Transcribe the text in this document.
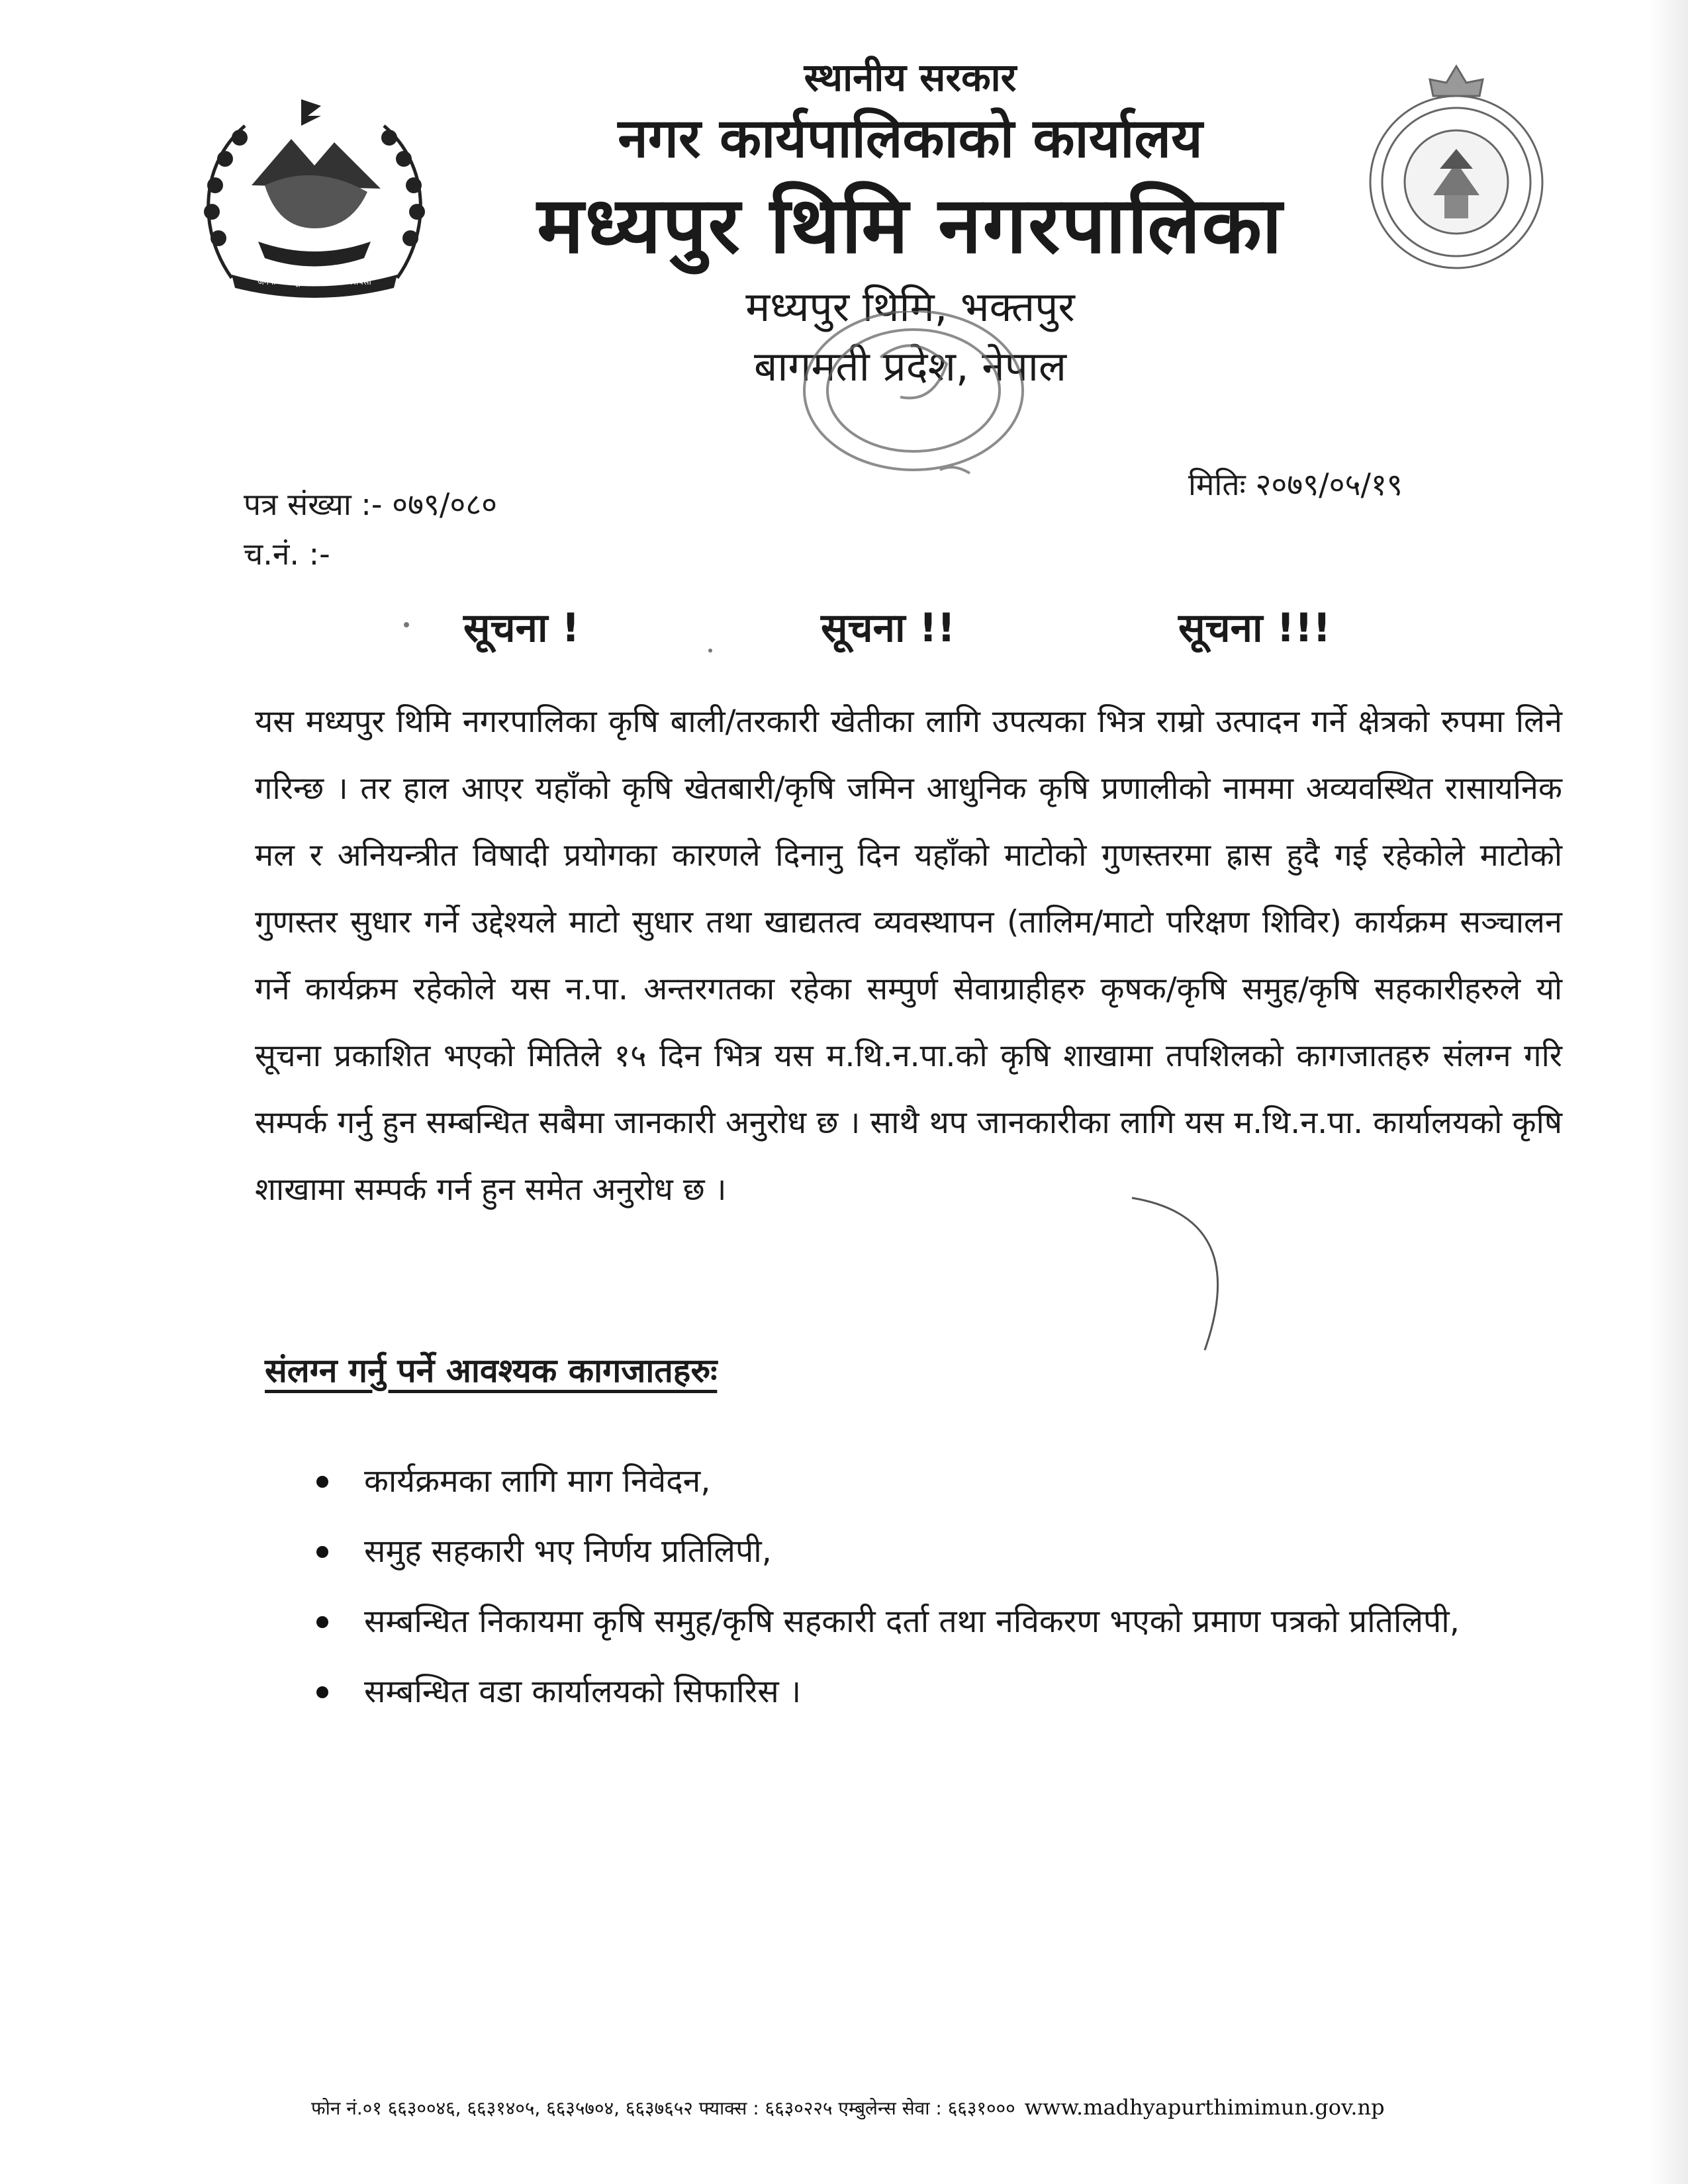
जननी जन्मभूमिश्च स्वर्गादपि गरीयसी
स्थानीय सरकार
नगर कार्यपालिकाको कार्यालय
मध्यपुर थिमि नगरपालिका
मध्यपुर थिमि, भक्तपुर
बागमती प्रदेश, नेपाल
पत्र संख्या :- ०७९/०८०
च.नं. :-
मितिः २०७९/०५/१९
सूचना !	सूचना !!	सूचना !!!

यस मध्यपुर थिमि नगरपालिका कृषि बाली/तरकारी खेतीका लागि उपत्यका भित्र राम्रो उत्पादन गर्ने क्षेत्रको रुपमा लिने गरिन्छ । तर हाल आएर यहाँको कृषि खेतबारी/कृषि जमिन आधुनिक कृषि प्रणालीको नाममा अव्यवस्थित रासायनिक मल र अनियन्त्रीत विषादी प्रयोगका कारणले दिनानु दिन यहाँको माटोको गुणस्तरमा ह्रास हुदै गई रहेकोले माटोको गुणस्तर सुधार गर्ने उद्देश्यले माटो सुधार तथा खाद्यतत्व व्यवस्थापन (तालिम/माटो परिक्षण शिविर) कार्यक्रम सञ्चालन गर्ने कार्यक्रम रहेकोले यस न.पा. अन्तरगतका रहेका सम्पुर्ण सेवाग्राहीहरु कृषक/कृषि समुह/कृषि सहकारीहरुले यो सूचना प्रकाशित भएको मितिले १५ दिन भित्र यस म.थि.न.पा.को कृषि शाखामा तपशिलको कागजातहरु संलग्न गरि सम्पर्क गर्नु हुन सम्बन्धित सबैमा जानकारी अनुरोध छ । साथै थप जानकारीका लागि यस म.थि.न.पा. कार्यालयको कृषि शाखामा सम्पर्क गर्न हुन समेत अनुरोध छ ।

संलग्न गर्नु पर्ने आवश्यक कागजातहरुः
कार्यक्रमका लागि माग निवेदन,
समुह सहकारी भए निर्णय प्रतिलिपी,
सम्बन्धित निकायमा कृषि समुह/कृषि सहकारी दर्ता तथा नविकरण भएको प्रमाण पत्रको प्रतिलिपी,
सम्बन्धित वडा कार्यालयको सिफारिस ।
फोन नं.०१ ६६३००४६, ६६३१४०५, ६६३५७०४, ६६३७६५२ फ्याक्स : ६६३०२२५ एम्बुलेन्स सेवा : ६६३१००० www.madhyapurthimimun.gov.np
